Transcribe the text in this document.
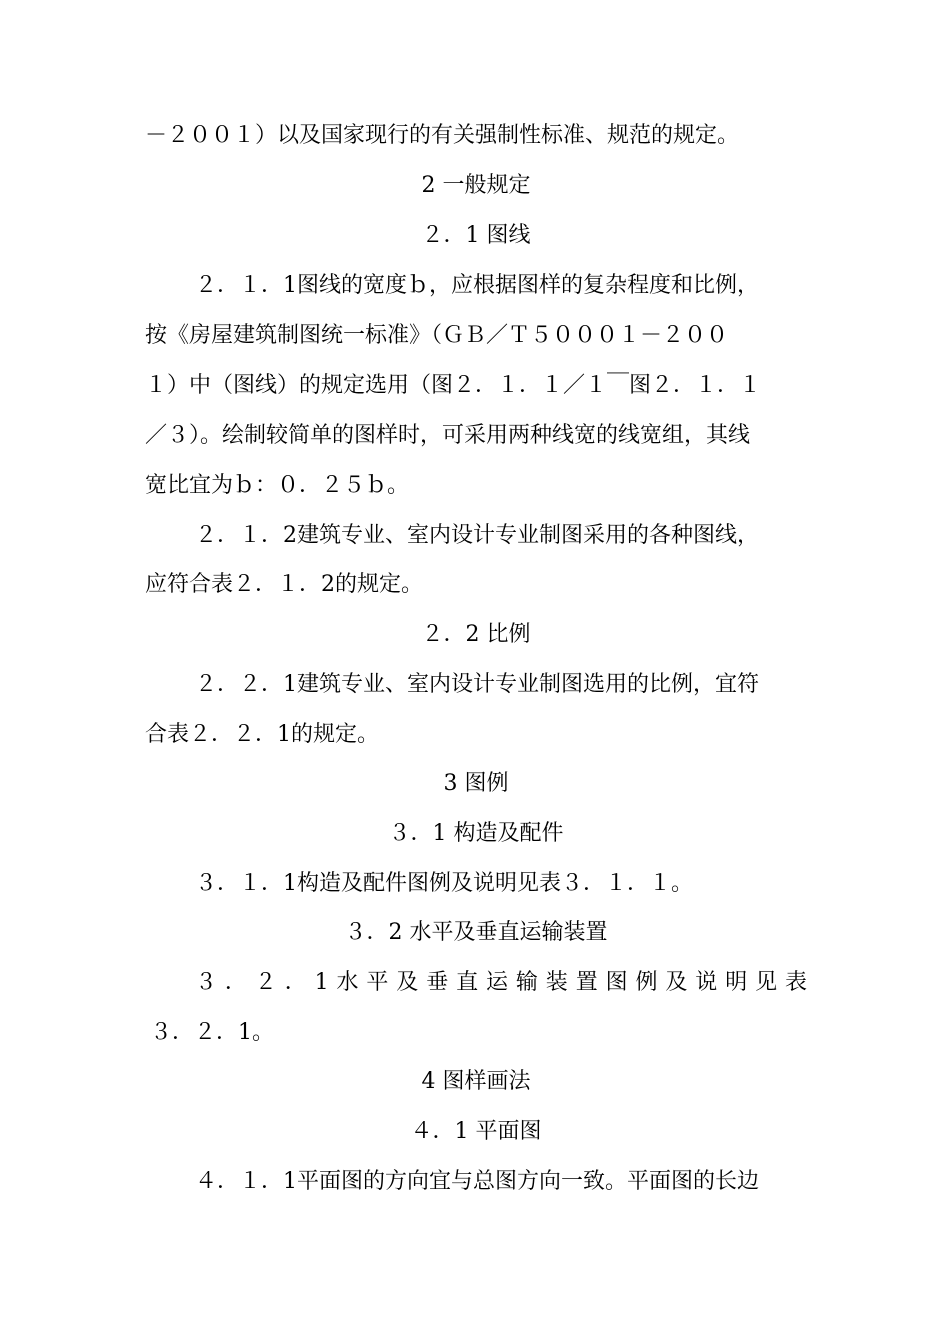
－２００１）以及国家现行的有关强制性标准、规范的规定。
2 一般规定
２．1 图线
２．１．1图线的宽度ｂ，应根据图样的复杂程度和比例，
按《房屋建筑制图统一标准》（ＧＢ／Ｔ５０００１－２００
１）中（图线）的规定选用（图２．１．１／１￣图２．１．１
／３）。绘制较简单的图样时，可采用两种线宽的线宽组，其线
宽比宜为ｂ：０．２５ｂ。
２．１．2建筑专业、室内设计专业制图采用的各种图线，
应符合表２．１．2的规定。
２．2 比例
２．２．1建筑专业、室内设计专业制图选用的比例，宜符
合表２．２．1的规定。
3 图例
３．1 构造及配件
３．１．1构造及配件图例及说明见表３．１．１。
３．2 水平及垂直运输装置
３．２．1水平及垂直运输装置图例及说明见表
３．２．1。
4 图样画法
４．1 平面图
４．１．1平面图的方向宜与总图方向一致。平面图的长边
